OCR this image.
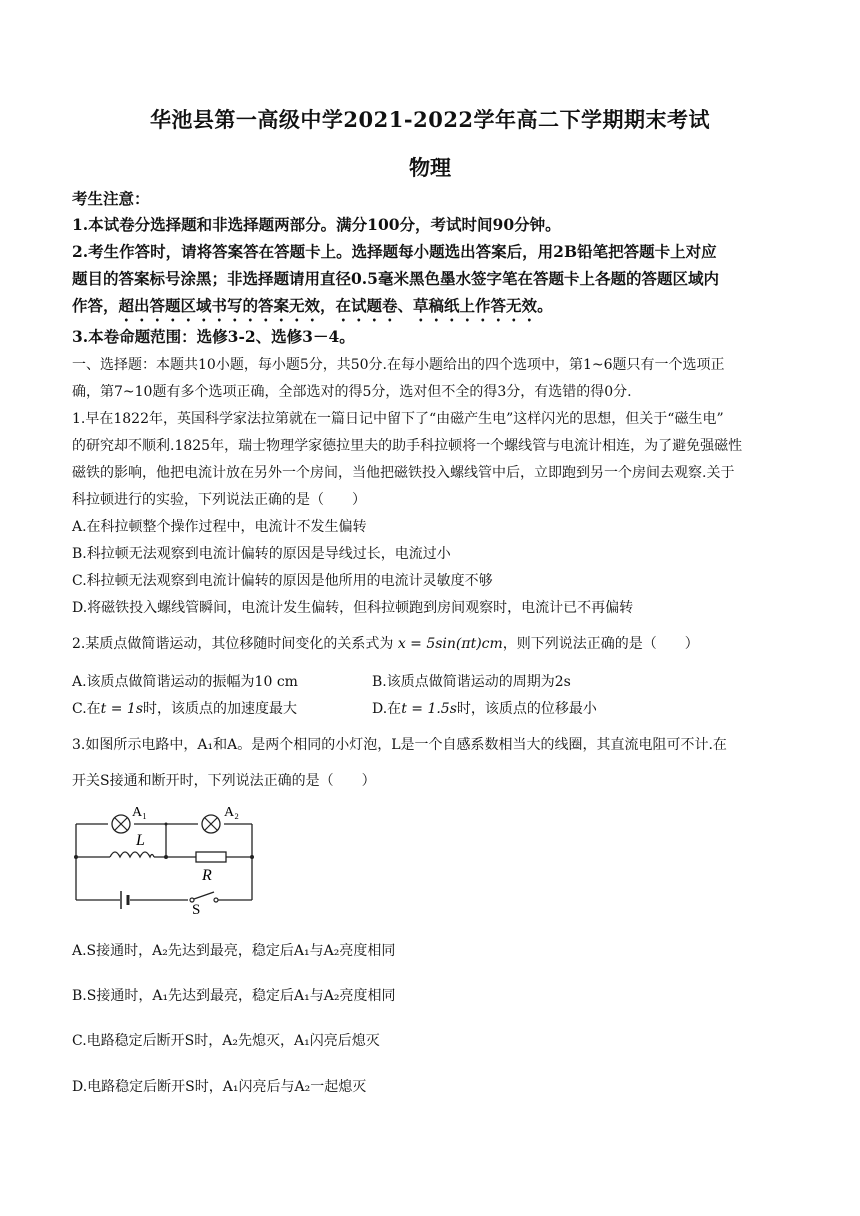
华池县第一高级中学2021-2022学年高二下学期期末考试
物理
考生注意：
1.本试卷分选择题和非选择题两部分。满分100分，考试时间90分钟。
2.考生作答时，请将答案答在答题卡上。选择题每小题选出答案后，用2B铅笔把答题卡上对应
题目的答案标号涂黑；非选择题请用直径0.5毫米黑色墨水签字笔在答题卡上各题的答题区域内
作答，超出答题区域书写的答案无效，在试题卷、草稿纸上作答无效。
3.本卷命题范围：选修3-2、选修3－4。
一、选择题：本题共10小题，每小题5分，共50分.在每小题给出的四个选项中，第1~6题只有一个选项正
确，第7~10题有多个选项正确，全部选对的得5分，选对但不全的得3分，有选错的得0分.
1.早在1822年，英国科学家法拉第就在一篇日记中留下了“由磁产生电”这样闪光的思想，但关于“磁生电”
的研究却不顺利.1825年，瑞士物理学家德拉里夫的助手科拉顿将一个螺线管与电流计相连，为了避免强磁性
磁铁的影响，他把电流计放在另外一个房间，当他把磁铁投入螺线管中后，立即跑到另一个房间去观察.关于
科拉顿进行的实验，下列说法正确的是（　　）
A.在科拉顿整个操作过程中，电流计不发生偏转
B.科拉顿无法观察到电流计偏转的原因是导线过长，电流过小
C.科拉顿无法观察到电流计偏转的原因是他所用的电流计灵敏度不够
D.将磁铁投入螺线管瞬间，电流计发生偏转，但科拉顿跑到房间观察时，电流计已不再偏转
2.某质点做简谐运动，其位移随时间变化的关系式为 x = 5sin(πt)cm，则下列说法正确的是（　　）
A.该质点做简谐运动的振幅为10 cm	B.该质点做简谐运动的周期为2s
C.在t = 1s时，该质点的加速度最大	D.在t = 1.5s时，该质点的位移最小
3.如图所示电路中，A₁和A。是两个相同的小灯泡，L是一个自感系数相当大的线圈，其直流电阻可不计.在
开关S接通和断开时，下列说法正确的是（　　）
A₁	A₂
L
R
S
A.S接通时，A₂先达到最亮，稳定后A₁与A₂亮度相同
B.S接通时，A₁先达到最亮，稳定后A₁与A₂亮度相同
C.电路稳定后断开S时，A₂先熄灭，A₁闪亮后熄灭
D.电路稳定后断开S时，A₁闪亮后与A₂一起熄灭
